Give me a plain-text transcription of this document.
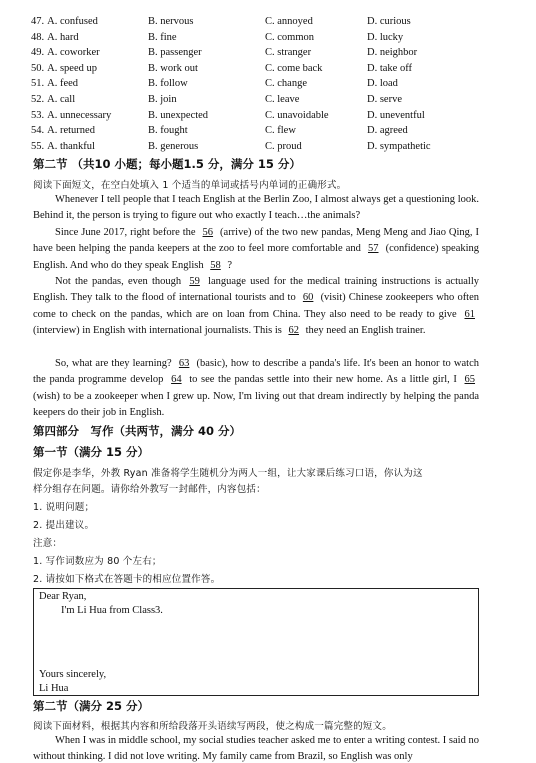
47. A. confused	B. nervous	C. annoyed	D. curious
48. A. hard	B. fine	C. common	D. lucky
49. A. coworker	B. passenger	C. stranger	D. neighbor
50. A. speed up	B. work out	C. come back	D. take off
51. A. feed	B. follow	C. change	D. load
52. A. call	B. join	C. leave	D. serve
53. A. unnecessary	B. unexpected	C. unavoidable	D. uneventful
54. A. returned	B. fought	C. flew	D. agreed
55. A. thankful	B. generous	C. proud	D. sympathetic
第二节 （共10 小题；每小题1.5 分，满分 15 分）
阅读下面短文，在空白处填入 1 个适当的单词或括号内单词的正确形式。
Whenever I tell people that I teach English at the Berlin Zoo, I almost always get a questioning look. Behind it, the person is trying to figure out who exactly I teach…the animals?
Since June 2017, right before the 56 (arrive) of the two new pandas, Meng Meng and Jiao Qing, I have been helping the panda keepers at the zoo to feel more comfortable and 57 (confidence) speaking English. And who do they speak English 58 ?
Not the pandas, even though 59 language used for the medical training instructions is actually English. They talk to the flood of international tourists and to 60 (visit) Chinese zookeepers who often come to check on the pandas, which are on loan from China. They also need to be ready to give 61 (interview) in English with international journalists. This is 62 they need an English trainer.
So, what are they learning? 63 (basic), how to describe a panda's life. It's been an honor to watch the panda programme develop 64 to see the pandas settle into their new home. As a little girl, I 65 (wish) to be a zookeeper when I grew up. Now, I'm living out that dream indirectly by helping the panda keepers do their job in English.
第四部分　写作（共两节，满分 40 分）
第一节（满分 15 分）
假定你是李华，外教 Ryan 准备将学生随机分为两人一组，让大家课后练习口语，你认为这
样分组存在问题。请你给外教写一封邮件，内容包括：
1. 说明问题；
2. 提出建议。
注意：
1. 写作词数应为 80 个左右；
2. 请按如下格式在答题卡的相应位置作答。
Dear Ryan,
I'm Li Hua from Class3.
Yours sincerely,
Li Hua
第二节（满分 25 分）
阅读下面材料，根据其内容和所给段落开头语续写两段，使之构成一篇完整的短文。
When I was in middle school, my social studies teacher asked me to enter a writing contest. I said no without thinking. I did not love writing. My family came from Brazil, so English was only
